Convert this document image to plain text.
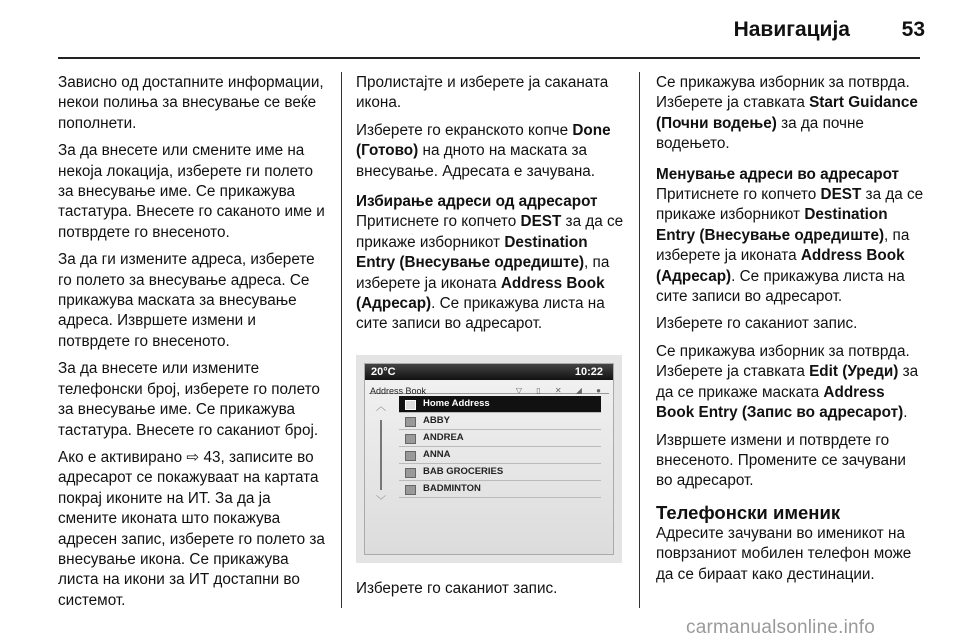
Навигација	53

Зависно од достапните информации, некои полиња за внесување се веќе пополнети.

За да внесете или смените име на некоја локација, изберете ги полето за внесување име. Се прикажува тастатура. Внесете го саканото име и потврдете го внесеното.

За да ги измените адреса, изберете го полето за внесување адреса. Се прикажува маската за внесување адреса. Извршете измени и потврдете го внесеното.

За да внесете или измените телефонски број, изберете го полето за внесување име. Се прикажува тастатура. Внесете го саканиот број.

Ако е активирано ⇨ 43, записите во адресарот се покажуваат на картата покрај иконите на ИТ. За да ја смените иконата што покажува адресен запис, изберете го полето за внесување икона. Се прикажува листа на икони за ИТ достапни во системот.

Пролистајте и изберете ја саканата икона.

Изберете го екранското копче Done (Готово) на дното на маската за внесување. Адресата е зачувана.

Избирање адреси од адресарот

Притиснете го копчето DEST за да се прикаже изборникот Destination Entry (Внесување одредиште), па изберете ја иконата Address Book (Адресар). Се прикажува листа на сите записи во адресарот.

20°C	10:22
Address Book	▽ ▯ ✕ ◢ ●
︿
﹀
Home Address
ABBY
ANDREA
ANNA
BAB GROCERIES
BADMINTON

Изберете го саканиот запис.

Се прикажува изборник за потврда. Изберете ја ставката Start Guidance (Почни водење) за да почне водењето.

Менување адреси во адресарот

Притиснете го копчето DEST за да се прикаже изборникот Destination Entry (Внесување одредиште), па изберете ја иконата Address Book (Адресар). Се прикажува листа на сите записи во адресарот.

Изберете го саканиот запис.

Се прикажува изборник за потврда. Изберете ја ставката Edit (Уреди) за да се прикаже маската Address Book Entry (Запис во адресарот).

Извршете измени и потврдете го внесеното. Промените се зачувани во адресарот.

Телефонски именик

Адресите зачувани во именикот на поврзаниот мобилен телефон може да се бираат како дестинации.

carmanualsonline.info
